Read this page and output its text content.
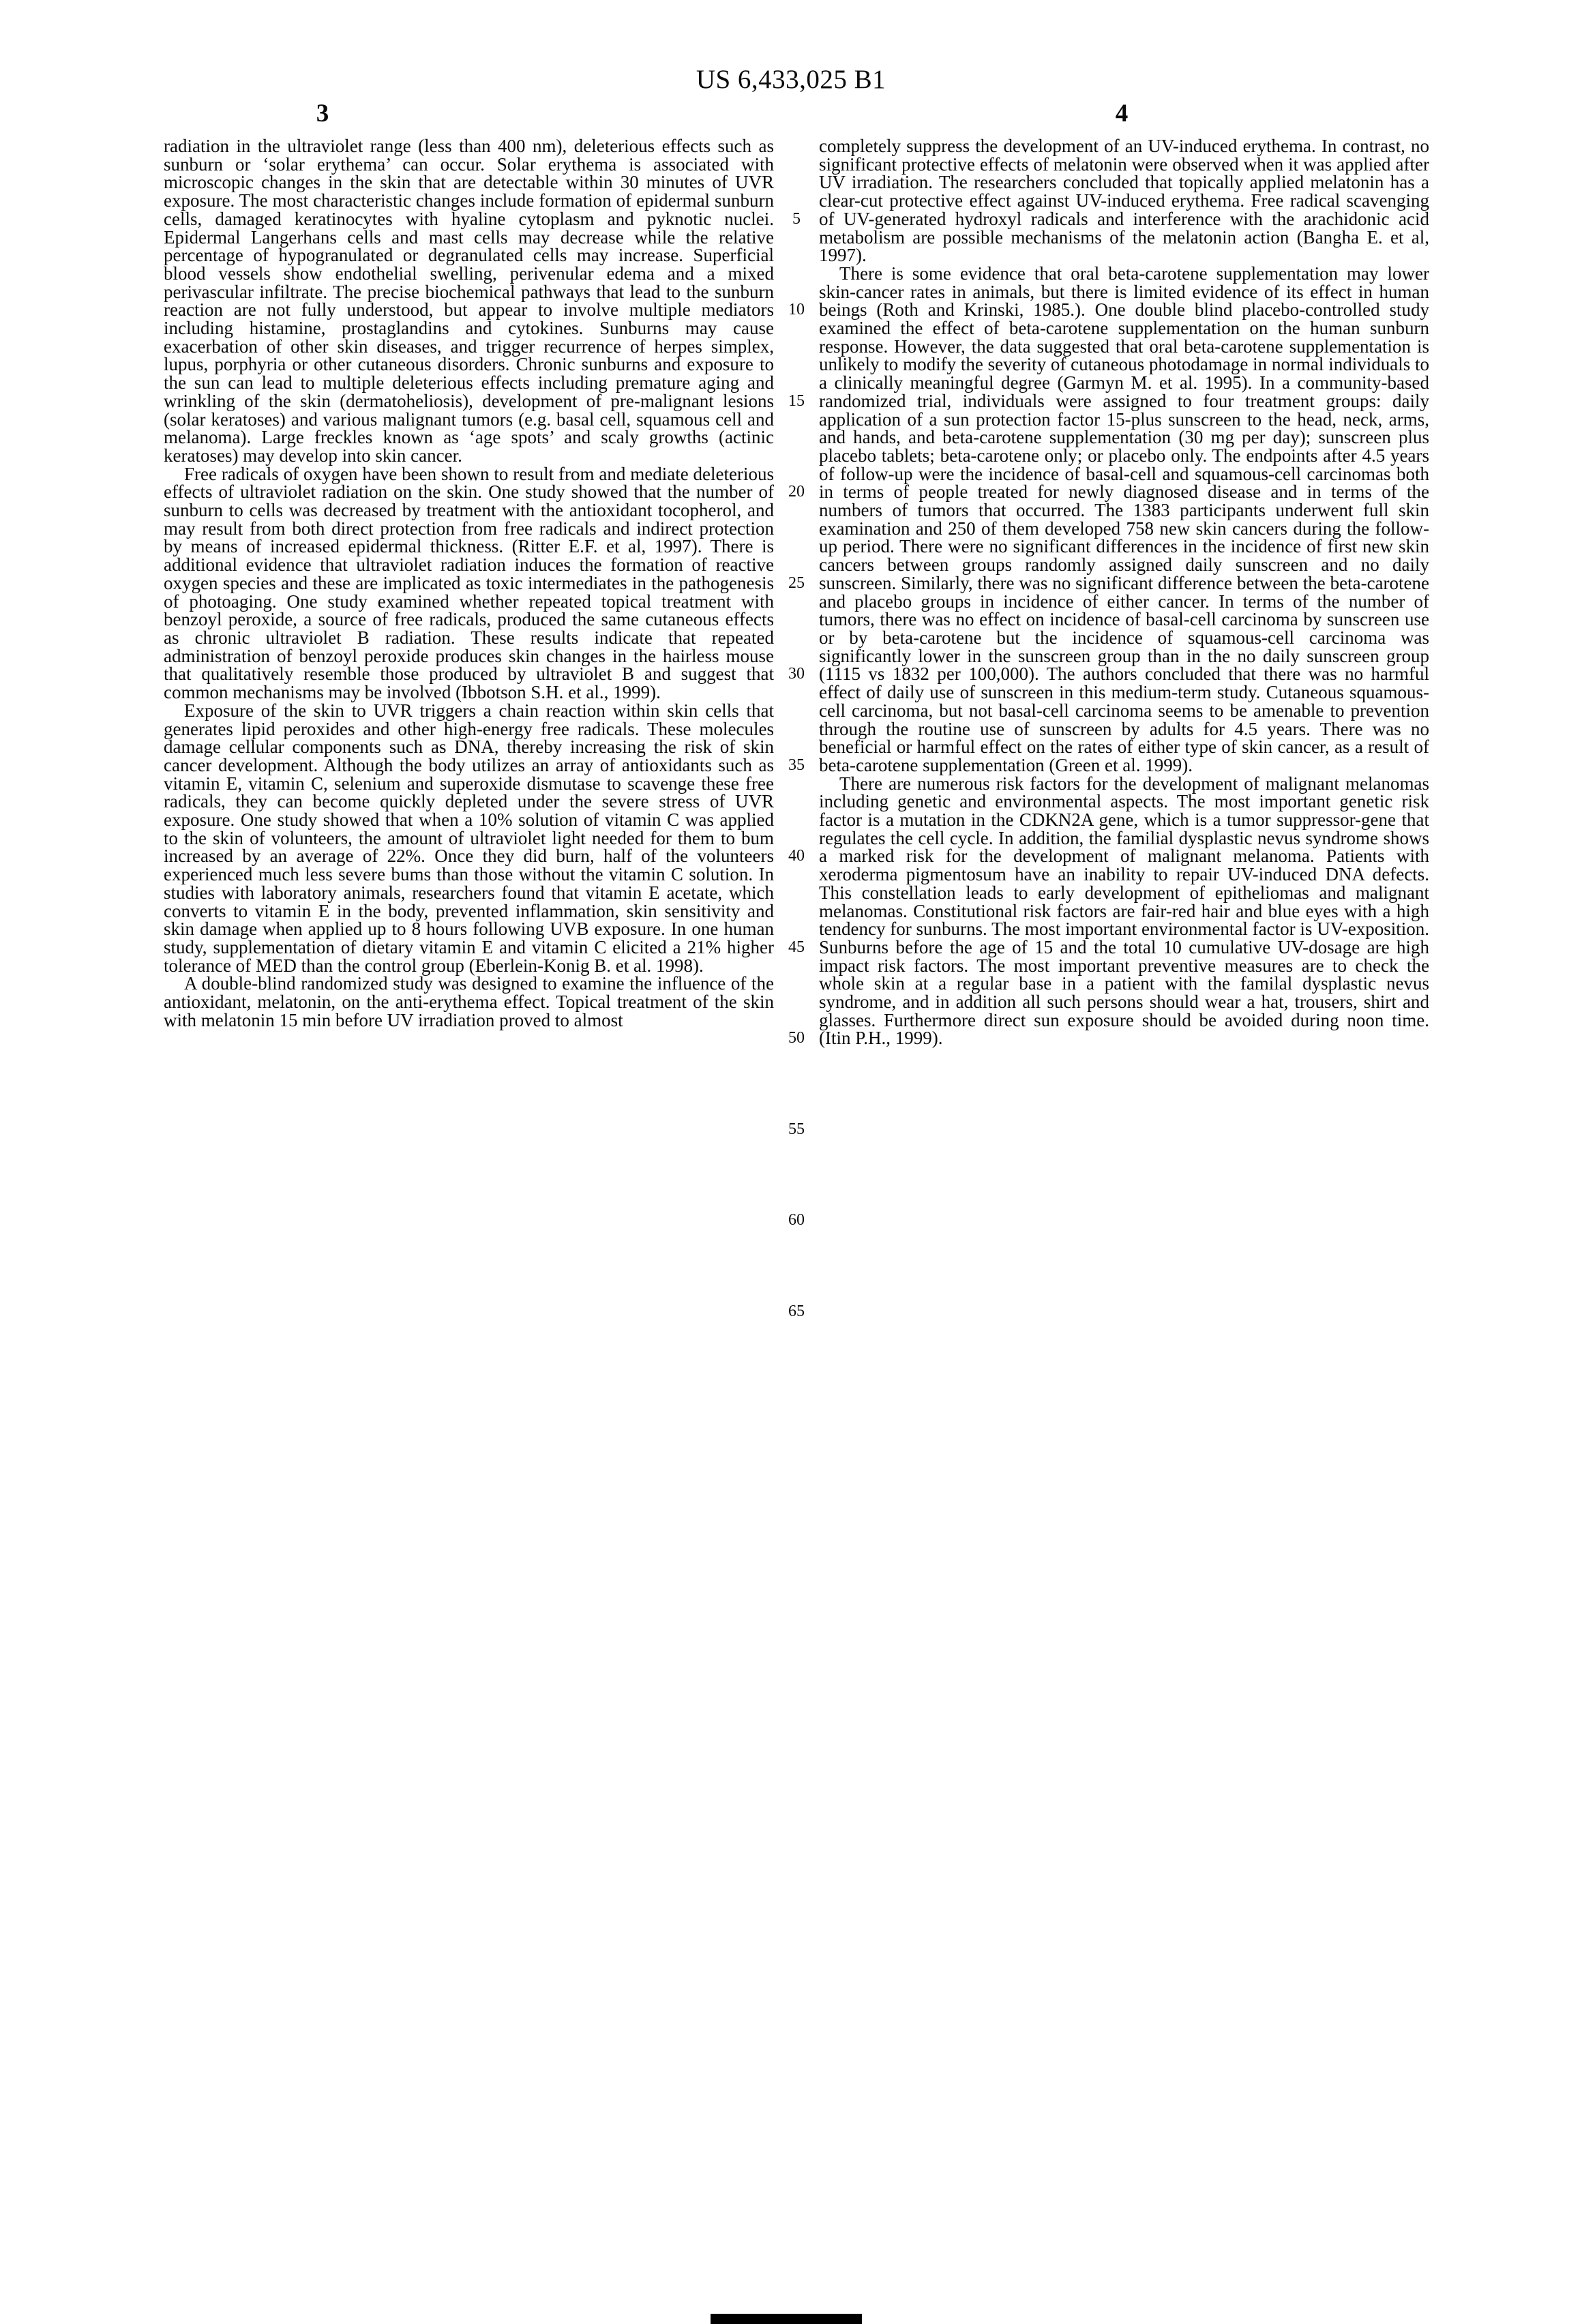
US 6,433,025 B1
3	4

radiation in the ultraviolet range (less than 400 nm), deleterious effects such as sunburn or ‘solar erythema’ can occur. Solar erythema is associated with microscopic changes in the skin that are detectable within 30 minutes of UVR exposure. The most characteristic changes include formation of epidermal sunburn cells, damaged keratinocytes with hyaline cytoplasm and pyknotic nuclei. Epidermal Langerhans cells and mast cells may decrease while the relative percentage of hypogranulated or degranulated cells may increase. Superficial blood vessels show endothelial swelling, perivenular edema and a mixed perivascular infiltrate. The precise biochemical pathways that lead to the sunburn reaction are not fully understood, but appear to involve multiple mediators including histamine, prostaglandins and cytokines. Sunburns may cause exacerbation of other skin diseases, and trigger recurrence of herpes simplex, lupus, porphyria or other cutaneous disorders. Chronic sunburns and exposure to the sun can lead to multiple deleterious effects including premature aging and wrinkling of the skin (dermatoheliosis), development of pre-malignant lesions (solar keratoses) and various malignant tumors (e.g. basal cell, squamous cell and melanoma). Large freckles known as ‘age spots’ and scaly growths (actinic keratoses) may develop into skin cancer.

Free radicals of oxygen have been shown to result from and mediate deleterious effects of ultraviolet radiation on the skin. One study showed that the number of sunburn to cells was decreased by treatment with the antioxidant tocopherol, and may result from both direct protection from free radicals and indirect protection by means of increased epidermal thickness. (Ritter E.F. et al, 1997). There is additional evidence that ultraviolet radiation induces the formation of reactive oxygen species and these are implicated as toxic intermediates in the pathogenesis of photoaging. One study examined whether repeated topical treatment with benzoyl peroxide, a source of free radicals, produced the same cutaneous effects as chronic ultraviolet B radiation. These results indicate that repeated administration of benzoyl peroxide produces skin changes in the hairless mouse that qualitatively resemble those produced by ultraviolet B and suggest that common mechanisms may be involved (Ibbotson S.H. et al., 1999).

Exposure of the skin to UVR triggers a chain reaction within skin cells that generates lipid peroxides and other high-energy free radicals. These molecules damage cellular components such as DNA, thereby increasing the risk of skin cancer development. Although the body utilizes an array of antioxidants such as vitamin E, vitamin C, selenium and superoxide dismutase to scavenge these free radicals, they can become quickly depleted under the severe stress of UVR exposure. One study showed that when a 10% solution of vitamin C was applied to the skin of volunteers, the amount of ultraviolet light needed for them to bum increased by an average of 22%. Once they did burn, half of the volunteers experienced much less severe bums than those without the vitamin C solution. In studies with laboratory animals, researchers found that vitamin E acetate, which converts to vitamin E in the body, prevented inflammation, skin sensitivity and skin damage when applied up to 8 hours following UVB exposure. In one human study, supplementation of dietary vitamin E and vitamin C elicited a 21% higher tolerance of MED than the control group (Eberlein-Konig B. et al. 1998).

A double-blind randomized study was designed to examine the influence of the antioxidant, melatonin, on the anti-erythema effect. Topical treatment of the skin with melatonin 15 min before UV irradiation proved to almost

5
10
15
20
25
30
35
40
45
50
55
60
65

completely suppress the development of an UV-induced erythema. In contrast, no significant protective effects of melatonin were observed when it was applied after UV irradiation. The researchers concluded that topically applied melatonin has a clear-cut protective effect against UV-induced erythema. Free radical scavenging of UV-generated hydroxyl radicals and interference with the arachidonic acid metabolism are possible mechanisms of the melatonin action (Bangha E. et al, 1997).

There is some evidence that oral beta-carotene supplementation may lower skin-cancer rates in animals, but there is limited evidence of its effect in human beings (Roth and Krinski, 1985.). One double blind placebo-controlled study examined the effect of beta-carotene supplementation on the human sunburn response. However, the data suggested that oral beta-carotene supplementation is unlikely to modify the severity of cutaneous photodamage in normal individuals to a clinically meaningful degree (Garmyn M. et al. 1995). In a community-based randomized trial, individuals were assigned to four treatment groups: daily application of a sun protection factor 15-plus sunscreen to the head, neck, arms, and hands, and beta-carotene supplementation (30 mg per day); sunscreen plus placebo tablets; beta-carotene only; or placebo only. The endpoints after 4.5 years of follow-up were the incidence of basal-cell and squamous-cell carcinomas both in terms of people treated for newly diagnosed disease and in terms of the numbers of tumors that occurred. The 1383 participants underwent full skin examination and 250 of them developed 758 new skin cancers during the follow-up period. There were no significant differences in the incidence of first new skin cancers between groups randomly assigned daily sunscreen and no daily sunscreen. Similarly, there was no significant difference between the beta-carotene and placebo groups in incidence of either cancer. In terms of the number of tumors, there was no effect on incidence of basal-cell carcinoma by sunscreen use or by beta-carotene but the incidence of squamous-cell carcinoma was significantly lower in the sunscreen group than in the no daily sunscreen group (1115 vs 1832 per 100,000). The authors concluded that there was no harmful effect of daily use of sunscreen in this medium-term study. Cutaneous squamous-cell carcinoma, but not basal-cell carcinoma seems to be amenable to prevention through the routine use of sunscreen by adults for 4.5 years. There was no beneficial or harmful effect on the rates of either type of skin cancer, as a result of beta-carotene supplementation (Green et al. 1999).

There are numerous risk factors for the development of malignant melanomas including genetic and environmental aspects. The most important genetic risk factor is a mutation in the CDKN2A gene, which is a tumor suppressor-gene that regulates the cell cycle. In addition, the familial dysplastic nevus syndrome shows a marked risk for the development of malignant melanoma. Patients with xeroderma pigmentosum have an inability to repair UV-induced DNA defects. This constellation leads to early development of epitheliomas and malignant melanomas. Constitutional risk factors are fair-red hair and blue eyes with a high tendency for sunburns. The most important environmental factor is UV-exposition. Sunburns before the age of 15 and the total 10 cumulative UV-dosage are high impact risk factors. The most important preventive measures are to check the whole skin at a regular base in a patient with the familal dysplastic nevus syndrome, and in addition all such persons should wear a hat, trousers, shirt and glasses. Furthermore direct sun exposure should be avoided during noon time. (Itin P.H., 1999).
